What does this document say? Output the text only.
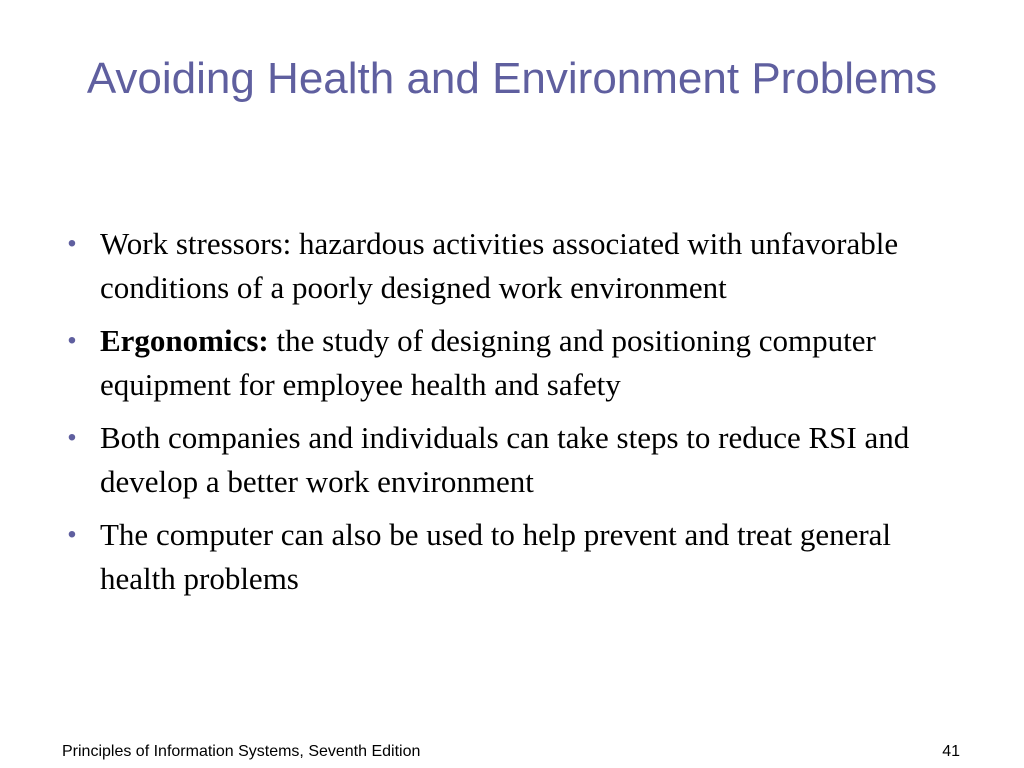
Avoiding Health and Environment Problems
• Work stressors: hazardous activities associated with unfavorable conditions of a poorly designed work environment
• Ergonomics: the study of designing and positioning computer equipment for employee health and safety
• Both companies and individuals can take steps to reduce RSI and develop a better work environment
• The computer can also be used to help prevent and treat general health problems
Principles of Information Systems, Seventh Edition	41
